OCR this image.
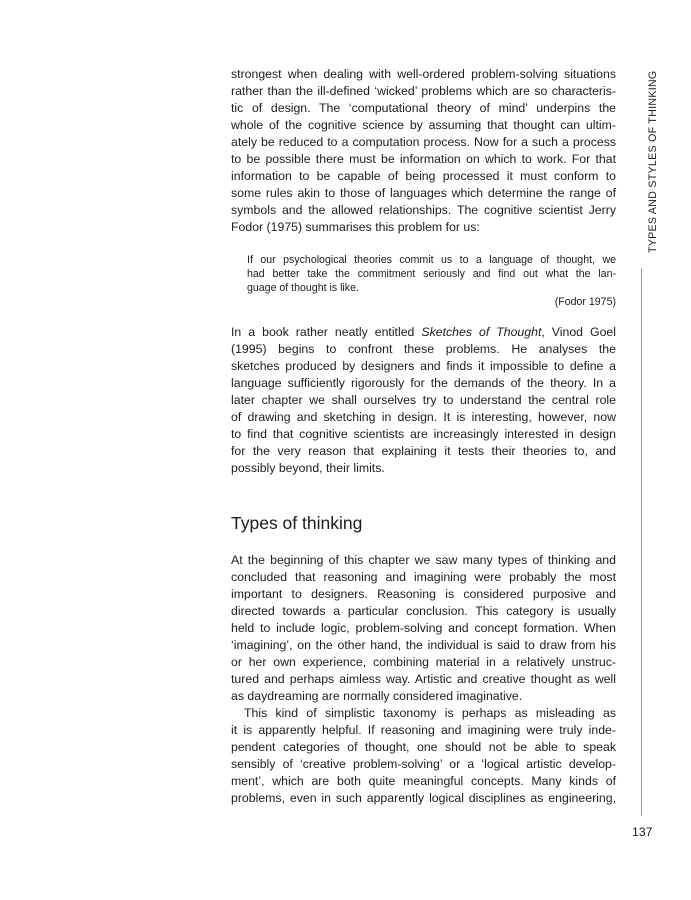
TYPES AND STYLES OF THINKING
137
strongest when dealing with well-ordered problem-solving situations
rather than the ill-defined ‘wicked’ problems which are so characteris-
tic of design. The ‘computational theory of mind’ underpins the
whole of the cognitive science by assuming that thought can ultim-
ately be reduced to a computation process. Now for a such a process
to be possible there must be information on which to work. For that
information to be capable of being processed it must conform to
some rules akin to those of languages which determine the range of
symbols and the allowed relationships. The cognitive scientist Jerry
Fodor (1975) summarises this problem for us:
If our psychological theories commit us to a language of thought, we
had better take the commitment seriously and find out what the lan-
guage of thought is like.
(Fodor 1975)
In a book rather neatly entitled Sketches of Thought, Vinod Goel
(1995) begins to confront these problems. He analyses the
sketches produced by designers and finds it impossible to define a
language sufficiently rigorously for the demands of the theory. In a
later chapter we shall ourselves try to understand the central role
of drawing and sketching in design. It is interesting, however, now
to find that cognitive scientists are increasingly interested in design
for the very reason that explaining it tests their theories to, and
possibly beyond, their limits.
Types of thinking
At the beginning of this chapter we saw many types of thinking and
concluded that reasoning and imagining were probably the most
important to designers. Reasoning is considered purposive and
directed towards a particular conclusion. This category is usually
held to include logic, problem-solving and concept formation. When
‘imagining’, on the other hand, the individual is said to draw from his
or her own experience, combining material in a relatively unstruc-
tured and perhaps aimless way. Artistic and creative thought as well
as daydreaming are normally considered imaginative.
This kind of simplistic taxonomy is perhaps as misleading as
it is apparently helpful. If reasoning and imagining were truly inde-
pendent categories of thought, one should not be able to speak
sensibly of ‘creative problem-solving’ or a ‘logical artistic develop-
ment’, which are both quite meaningful concepts. Many kinds of
problems, even in such apparently logical disciplines as engineering,
